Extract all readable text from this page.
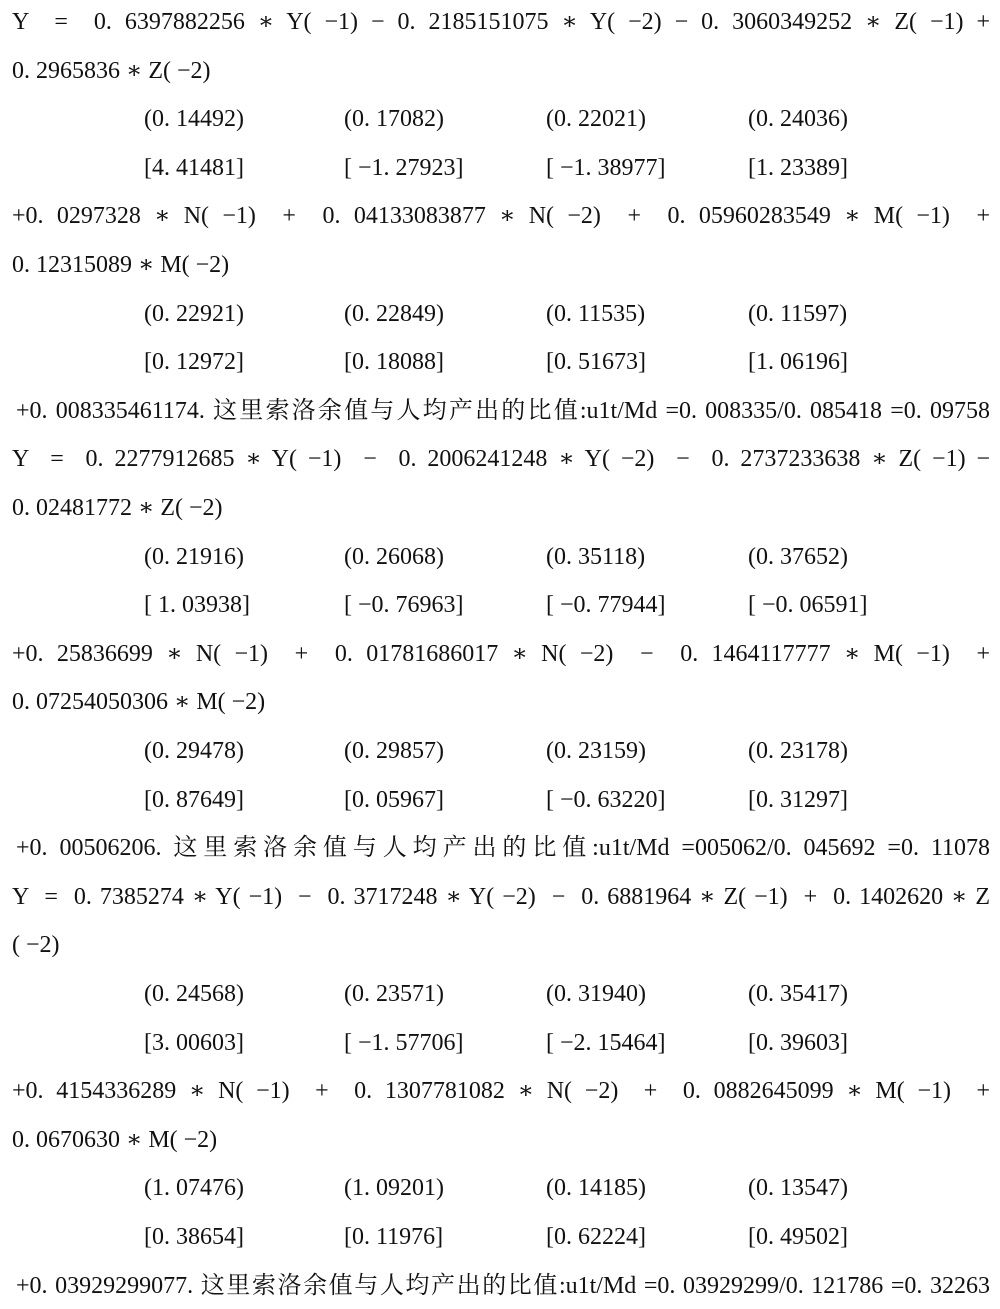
Y  =  0. 6397882256 ∗ Y( −1) − 0. 2185151075 ∗ Y( −2) − 0. 3060349252 ∗ Z( −1) +
0. 2965836 ∗ Z( −2)
(0. 14492)	(0. 17082)	(0. 22021)	(0. 24036)
[4. 41481]	[ −1. 27923]	[ −1. 38977]	[1. 23389]
+0. 0297328 ∗ N( −1)  +  0. 04133083877 ∗ N( −2)  +  0. 05960283549 ∗ M( −1)  +
0. 12315089 ∗ M( −2)
(0. 22921)	(0. 22849)	(0. 11535)	(0. 11597)
[0. 12972]	[0. 18088]	[0. 51673]	[1. 06196]
+0. 008335461174. 这里索洛余值与人均产出的比值:u1t/Md =0. 008335/0. 085418 =0. 09758
Y  =  0. 2277912685 ∗ Y( −1)  −  0. 2006241248 ∗ Y( −2)  −  0. 2737233638 ∗ Z( −1) −
0. 02481772 ∗ Z( −2)
(0. 21916)	(0. 26068)	(0. 35118)	(0. 37652)
[ 1. 03938]	[ −0. 76963]	[ −0. 77944]	[ −0. 06591]
+0. 25836699 ∗ N( −1)  +  0. 01781686017 ∗ N( −2)  −  0. 1464117777 ∗ M( −1)  +
0. 07254050306 ∗ M( −2)
(0. 29478)	(0. 29857)	(0. 23159)	(0. 23178)
[0. 87649]	[0. 05967]	[ −0. 63220]	[0. 31297]
+0. 00506206. 这里索洛余值与人均产出的比值:u1t/Md =005062/0. 045692 =0. 11078
Y  =  0. 7385274 ∗ Y( −1)  −  0. 3717248 ∗ Y( −2)  −  0. 6881964 ∗ Z( −1)  +  0. 1402620 ∗ Z
( −2)
(0. 24568)	(0. 23571)	(0. 31940)	(0. 35417)
[3. 00603]	[ −1. 57706]	[ −2. 15464]	[0. 39603]
+0. 4154336289 ∗ N( −1)  +  0. 1307781082 ∗ N( −2)  +  0. 0882645099 ∗ M( −1)  +
0. 0670630 ∗ M( −2)
(1. 07476)	(1. 09201)	(0. 14185)	(0. 13547)
[0. 38654]	[0. 11976]	[0. 62224]	[0. 49502]
+0. 03929299077. 这里索洛余值与人均产出的比值:u1t/Md =0. 03929299/0. 121786 =0. 32263
